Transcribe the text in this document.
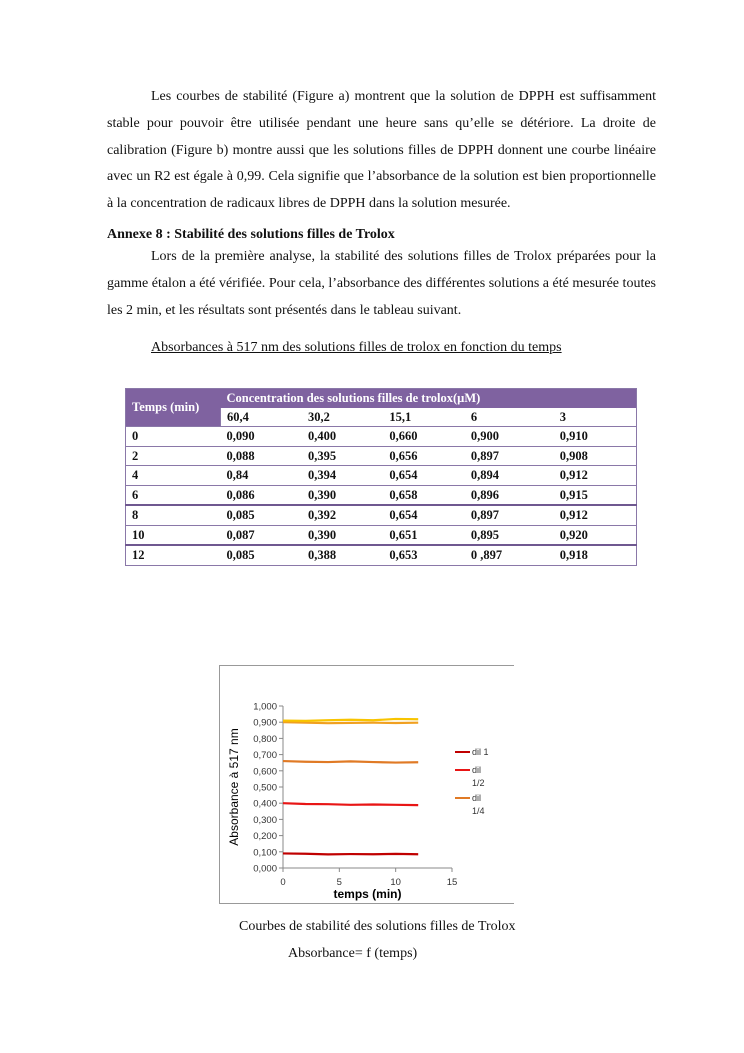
Les courbes de stabilité (Figure a) montrent que la solution de DPPH est suffisamment stable pour pouvoir être utilisée pendant une heure sans qu’elle se détériore. La droite de calibration (Figure b) montre aussi que les solutions filles de DPPH donnent une courbe linéaire avec un R2 est égale à 0,99. Cela signifie que l’absorbance de la solution est bien proportionnelle à la concentration de radicaux libres de DPPH dans la solution mesurée.

Annexe 8 : Stabilité des solutions filles de Trolox

Lors de la première analyse, la stabilité des solutions filles de Trolox préparées pour la gamme étalon a été vérifiée. Pour cela, l’absorbance des différentes solutions a été mesurée toutes les 2 min, et les résultats sont présentés dans le tableau suivant.

Absorbances à 517 nm des solutions filles de trolox en fonction du temps
Temps (min)	Concentration des solutions filles de trolox(µM)				
	60,4	30,2	15,1	6	3
0	0,090	0,400	0,660	0,900	0,910
2	0,088	0,395	0,656	0,897	0,908
4	0,84	0,394	0,654	0,894	0,912
6	0,086	0,390	0,658	0,896	0,915
8	0,085	0,392	0,654	0,897	0,912
10	0,087	0,390	0,651	0,895	0,920
12	0,085	0,388	0,653	0 ,897	0,918
0,000
0,100
0,200
0,300
0,400
0,500
0,600
0,700
0,800
0,900
1,000
0	5	10	15
temps (min)
Absorbance à 517 nm	dil 1
dil
1/2
dil
1/4
Courbes de stabilité des solutions filles de Trolox
Absorbance= f (temps)
